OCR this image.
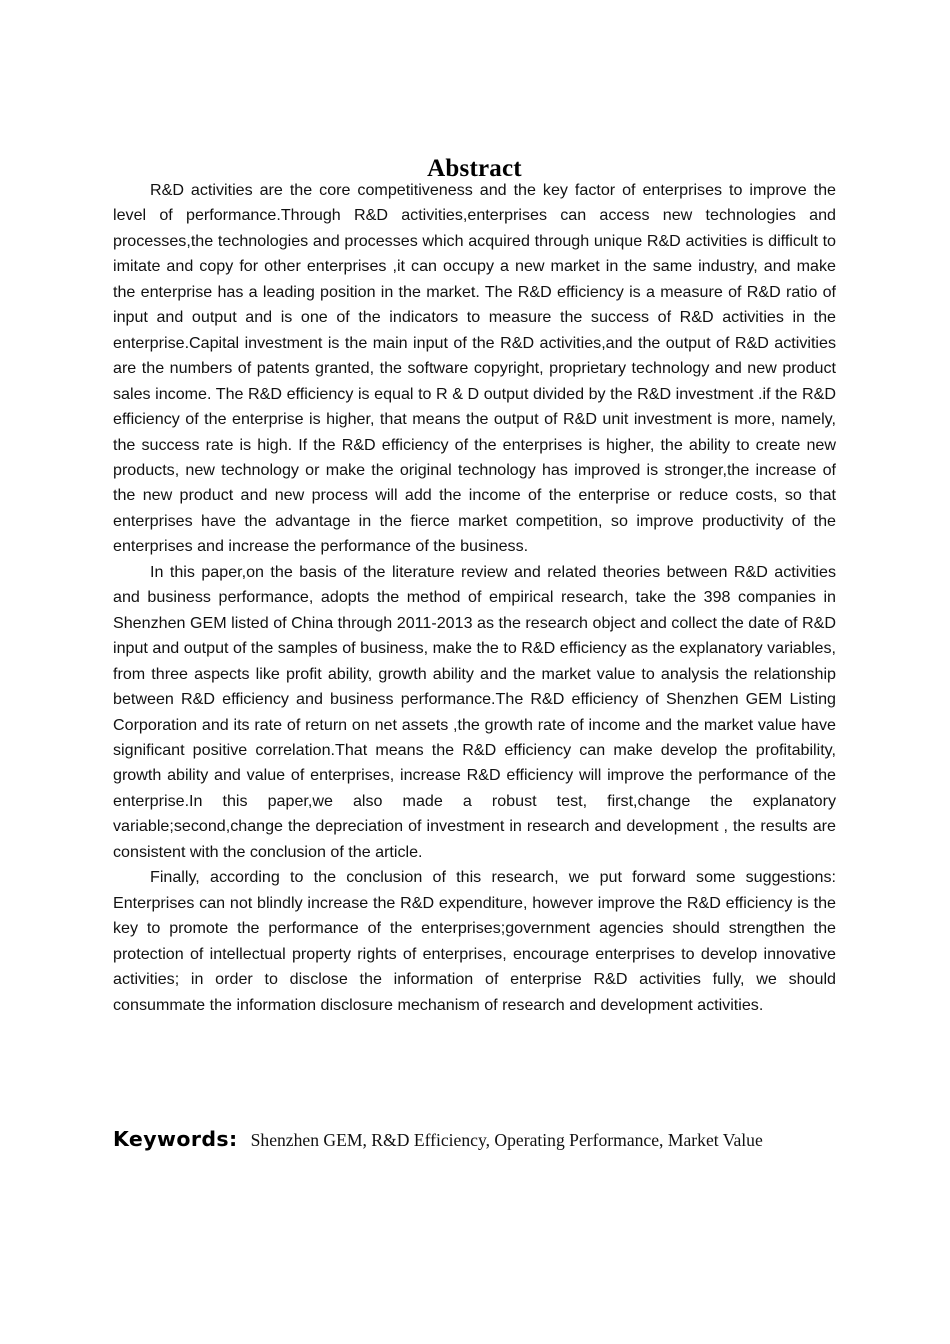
Abstract

R&D activities are the core competitiveness and the key factor of enterprises to improve the level of performance.Through R&D activities,enterprises can access new technologies and processes,the technologies and processes which acquired through unique R&D activities is difficult to imitate and copy for other enterprises ,it can occupy a new market in the same industry, and make the enterprise has a leading position in the market. The R&D efficiency is a measure of R&D ratio of input and output and is one of the indicators to measure the success of R&D activities in the enterprise.Capital investment is the main input of the R&D activities,and the output of R&D activities are the numbers of patents granted, the software copyright, proprietary technology and new product sales income. The R&D efficiency is equal to R & D output divided by the R&D investment .if the R&D efficiency of the enterprise is higher, that means the output of R&D unit investment is more, namely, the success rate is high. If the R&D efficiency of the enterprises is higher, the ability to create new products, new technology or make the original technology has improved is stronger,the increase of the new product and new process will add the income of the enterprise or reduce costs, so that enterprises have the advantage in the fierce market competition, so improve productivity of the enterprises and increase the performance of the business.

In this paper,on the basis of the literature review and related theories between R&D activities and business performance, adopts the method of empirical research, take the 398 companies in Shenzhen GEM listed of China through 2011-2013 as the research object and collect the date of R&D input and output of the samples of business, make the to R&D efficiency as the explanatory variables, from three aspects like profit ability, growth ability and the market value to analysis the relationship between R&D efficiency and business performance.The R&D efficiency of Shenzhen GEM Listing Corporation and its rate of return on net assets ,the growth rate of income and the market value have significant positive correlation.That means the R&D efficiency can make develop the profitability, growth ability and value of enterprises, increase R&D efficiency will improve the performance of the enterprise.In this paper,we also made a robust test, first,change the explanatory variable;second,change the depreciation of investment in research and development , the results are consistent with the conclusion of the article.

Finally, according to the conclusion of this research, we put forward some suggestions: Enterprises can not blindly increase the R&D expenditure, however improve the R&D efficiency is the key to promote the performance of the enterprises;government agencies should strengthen the protection of intellectual property rights of enterprises, encourage enterprises to develop innovative activities; in order to disclose the information of enterprise R&D activities fully, we should consummate the information disclosure mechanism of research and development activities.

Keywords: Shenzhen GEM, R&D Efficiency, Operating Performance, Market Value
